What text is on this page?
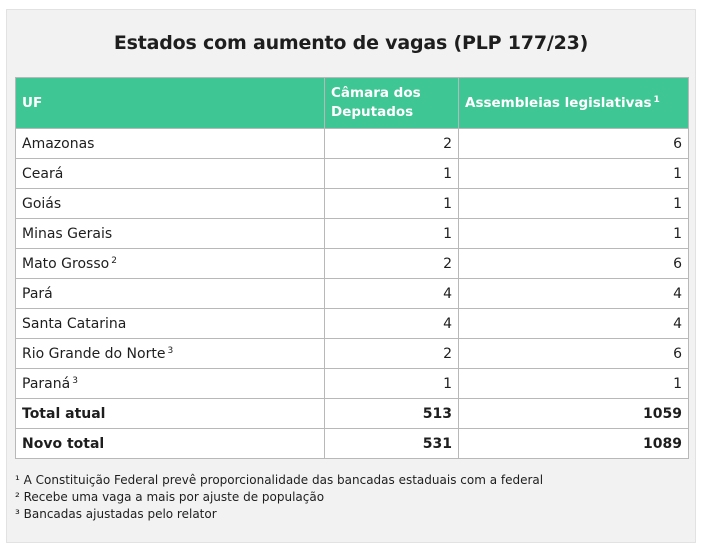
Estados com aumento de vagas (PLP 177/23)
UF	Câmara dos Deputados	Assembleias legislativas $^1$
Amazonas	2	6
Ceará	1	1
Goiás	1	1
Minas Gerais	1	1
Mato Grosso $^2$	2	6
Pará	4	4
Santa Catarina	4	4
Rio Grande do Norte $^3$	2	6
Paraná $^3$	1	1
Total atual	513	1059
Novo total	531	1089
¹ A Constituição Federal prevê proporcionalidade das bancadas estaduais com a federal
² Recebe uma vaga a mais por ajuste de população
³ Bancadas ajustadas pelo relator
